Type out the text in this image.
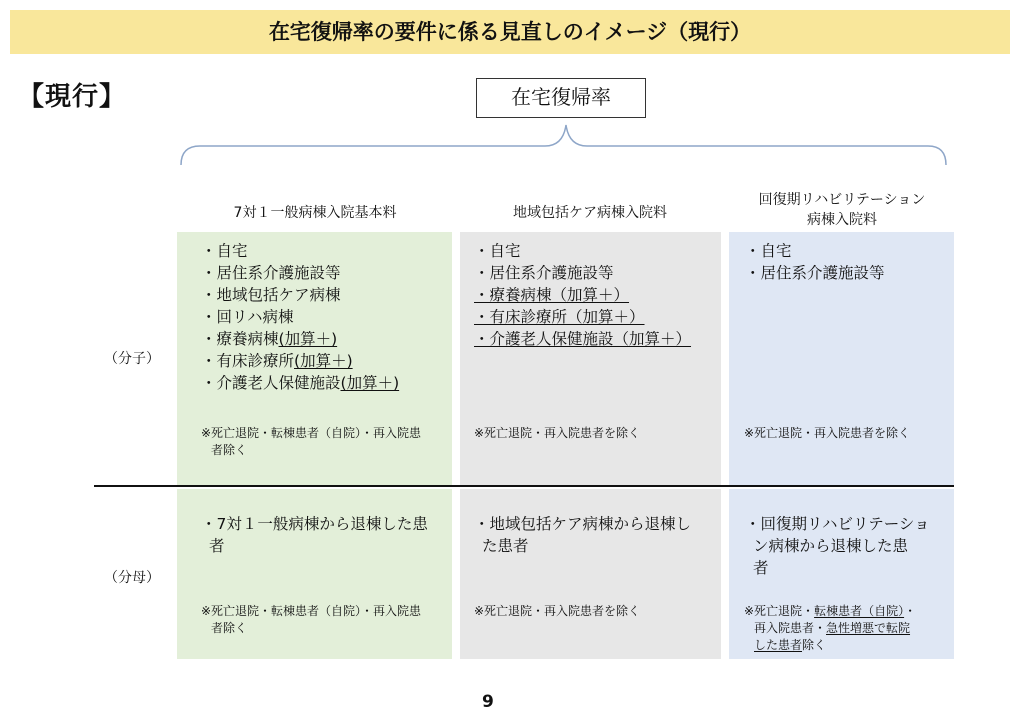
在宅復帰率の要件に係る見直しのイメージ（現行）
【現行】	在宅復帰率
7対１一般病棟入院基本料	地域包括ケア病棟入院料
回復期リハビリテーション
病棟入院料
（分子）
（分母）
・自宅
・居住系介護施設等
・地域包括ケア病棟
・回リハ病棟
・療養病棟(加算＋)
・有床診療所(加算＋)
・介護老人保健施設(加算＋)
※死亡退院・転棟患者（自院）・再入院患
者除く
・自宅
・居住系介護施設等
・療養病棟（加算＋）
・有床診療所（加算＋）
・介護老人保健施設（加算＋）
※死亡退院・再入院患者を除く
・自宅
・居住系介護施設等
※死亡退院・再入院患者を除く
・7対１一般病棟から退棟した患
者
※死亡退院・転棟患者（自院）・再入院患
者除く
・地域包括ケア病棟から退棟し
た患者
※死亡退院・再入院患者を除く
・回復期リハビリテーショ
ン病棟から退棟した患
者
※死亡退院・転棟患者（自院）・
再入院患者・急性増悪で転院
した患者除く
9
